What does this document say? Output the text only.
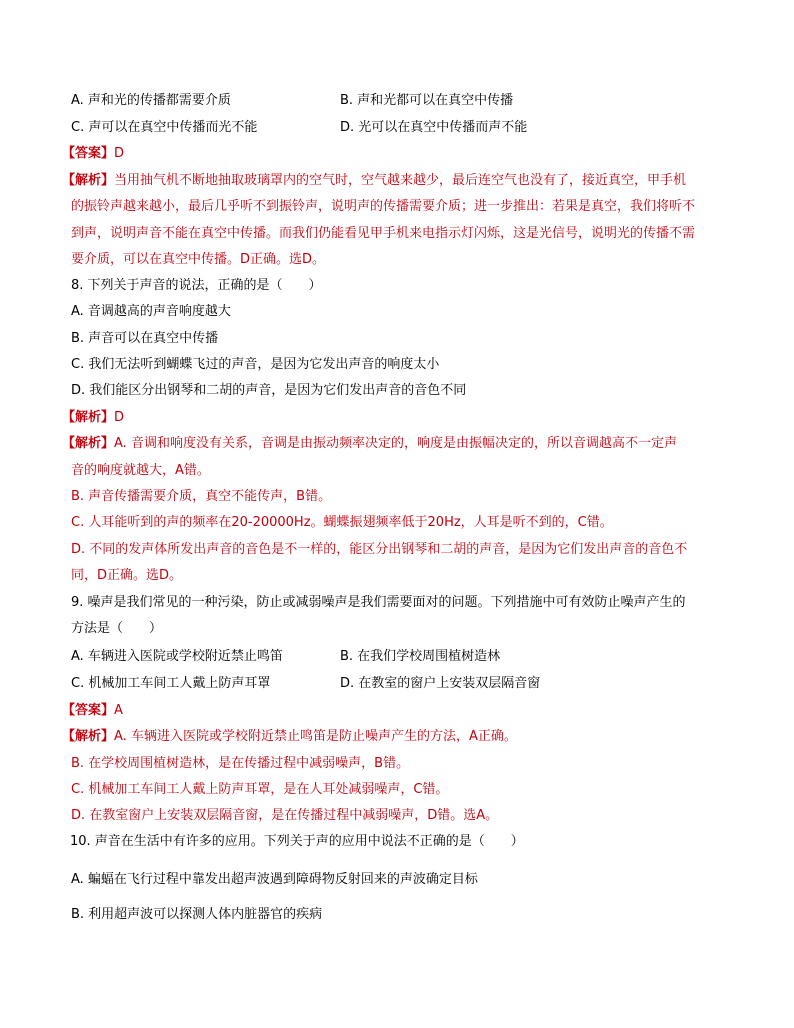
A. 声和光的传播都需要介质	B. 声和光都可以在真空中传播
C. 声可以在真空中传播而光不能	D. 光可以在真空中传播而声不能
【答案】D
【解析】当用抽气机不断地抽取玻璃罩内的空气时，空气越来越少，最后连空气也没有了，接近真空，甲手机
的振铃声越来越小，最后几乎听不到振铃声，说明声的传播需要介质；进一步推出：若果是真空，我们将听不
到声，说明声音不能在真空中传播。而我们仍能看见甲手机来电指示灯闪烁，这是光信号，说明光的传播不需
要介质，可以在真空中传播。D正确。选D。
8. 下列关于声音的说法，正确的是（　　）
A. 音调越高的声音响度越大
B. 声音可以在真空中传播
C. 我们无法听到蝴蝶飞过的声音，是因为它发出声音的响度太小
D. 我们能区分出钢琴和二胡的声音，是因为它们发出声音的音色不同
【解析】D
【解析】A. 音调和响度没有关系，音调是由振动频率决定的，响度是由振幅决定的，所以音调越高不一定声
音的响度就越大，A错。
B. 声音传播需要介质，真空不能传声，B错。
C. 人耳能听到的声的频率在20-20000Hz。蝴蝶振翅频率低于20Hz，人耳是听不到的，C错。
D. 不同的发声体所发出声音的音色是不一样的，能区分出钢琴和二胡的声音，是因为它们发出声音的音色不
同，D正确。选D。
9. 噪声是我们常见的一种污染，防止或减弱噪声是我们需要面对的问题。下列措施中可有效防止噪声产生的
方法是（　　）
A. 车辆进入医院或学校附近禁止鸣笛	B. 在我们学校周围植树造林
C. 机械加工车间工人戴上防声耳罩	D. 在教室的窗户上安装双层隔音窗
【答案】A
【解析】A. 车辆进入医院或学校附近禁止鸣笛是防止噪声产生的方法，A正确。
B. 在学校周围植树造林，是在传播过程中减弱噪声，B错。
C. 机械加工车间工人戴上防声耳罩，是在人耳处减弱噪声，C错。
D. 在教室窗户上安装双层隔音窗，是在传播过程中减弱噪声，D错。选A。
10. 声音在生活中有许多的应用。下列关于声的应用中说法不正确的是（　　）
A. 蝙蝠在飞行过程中靠发出超声波遇到障碍物反射回来的声波确定目标
B. 利用超声波可以探测人体内脏器官的疾病
